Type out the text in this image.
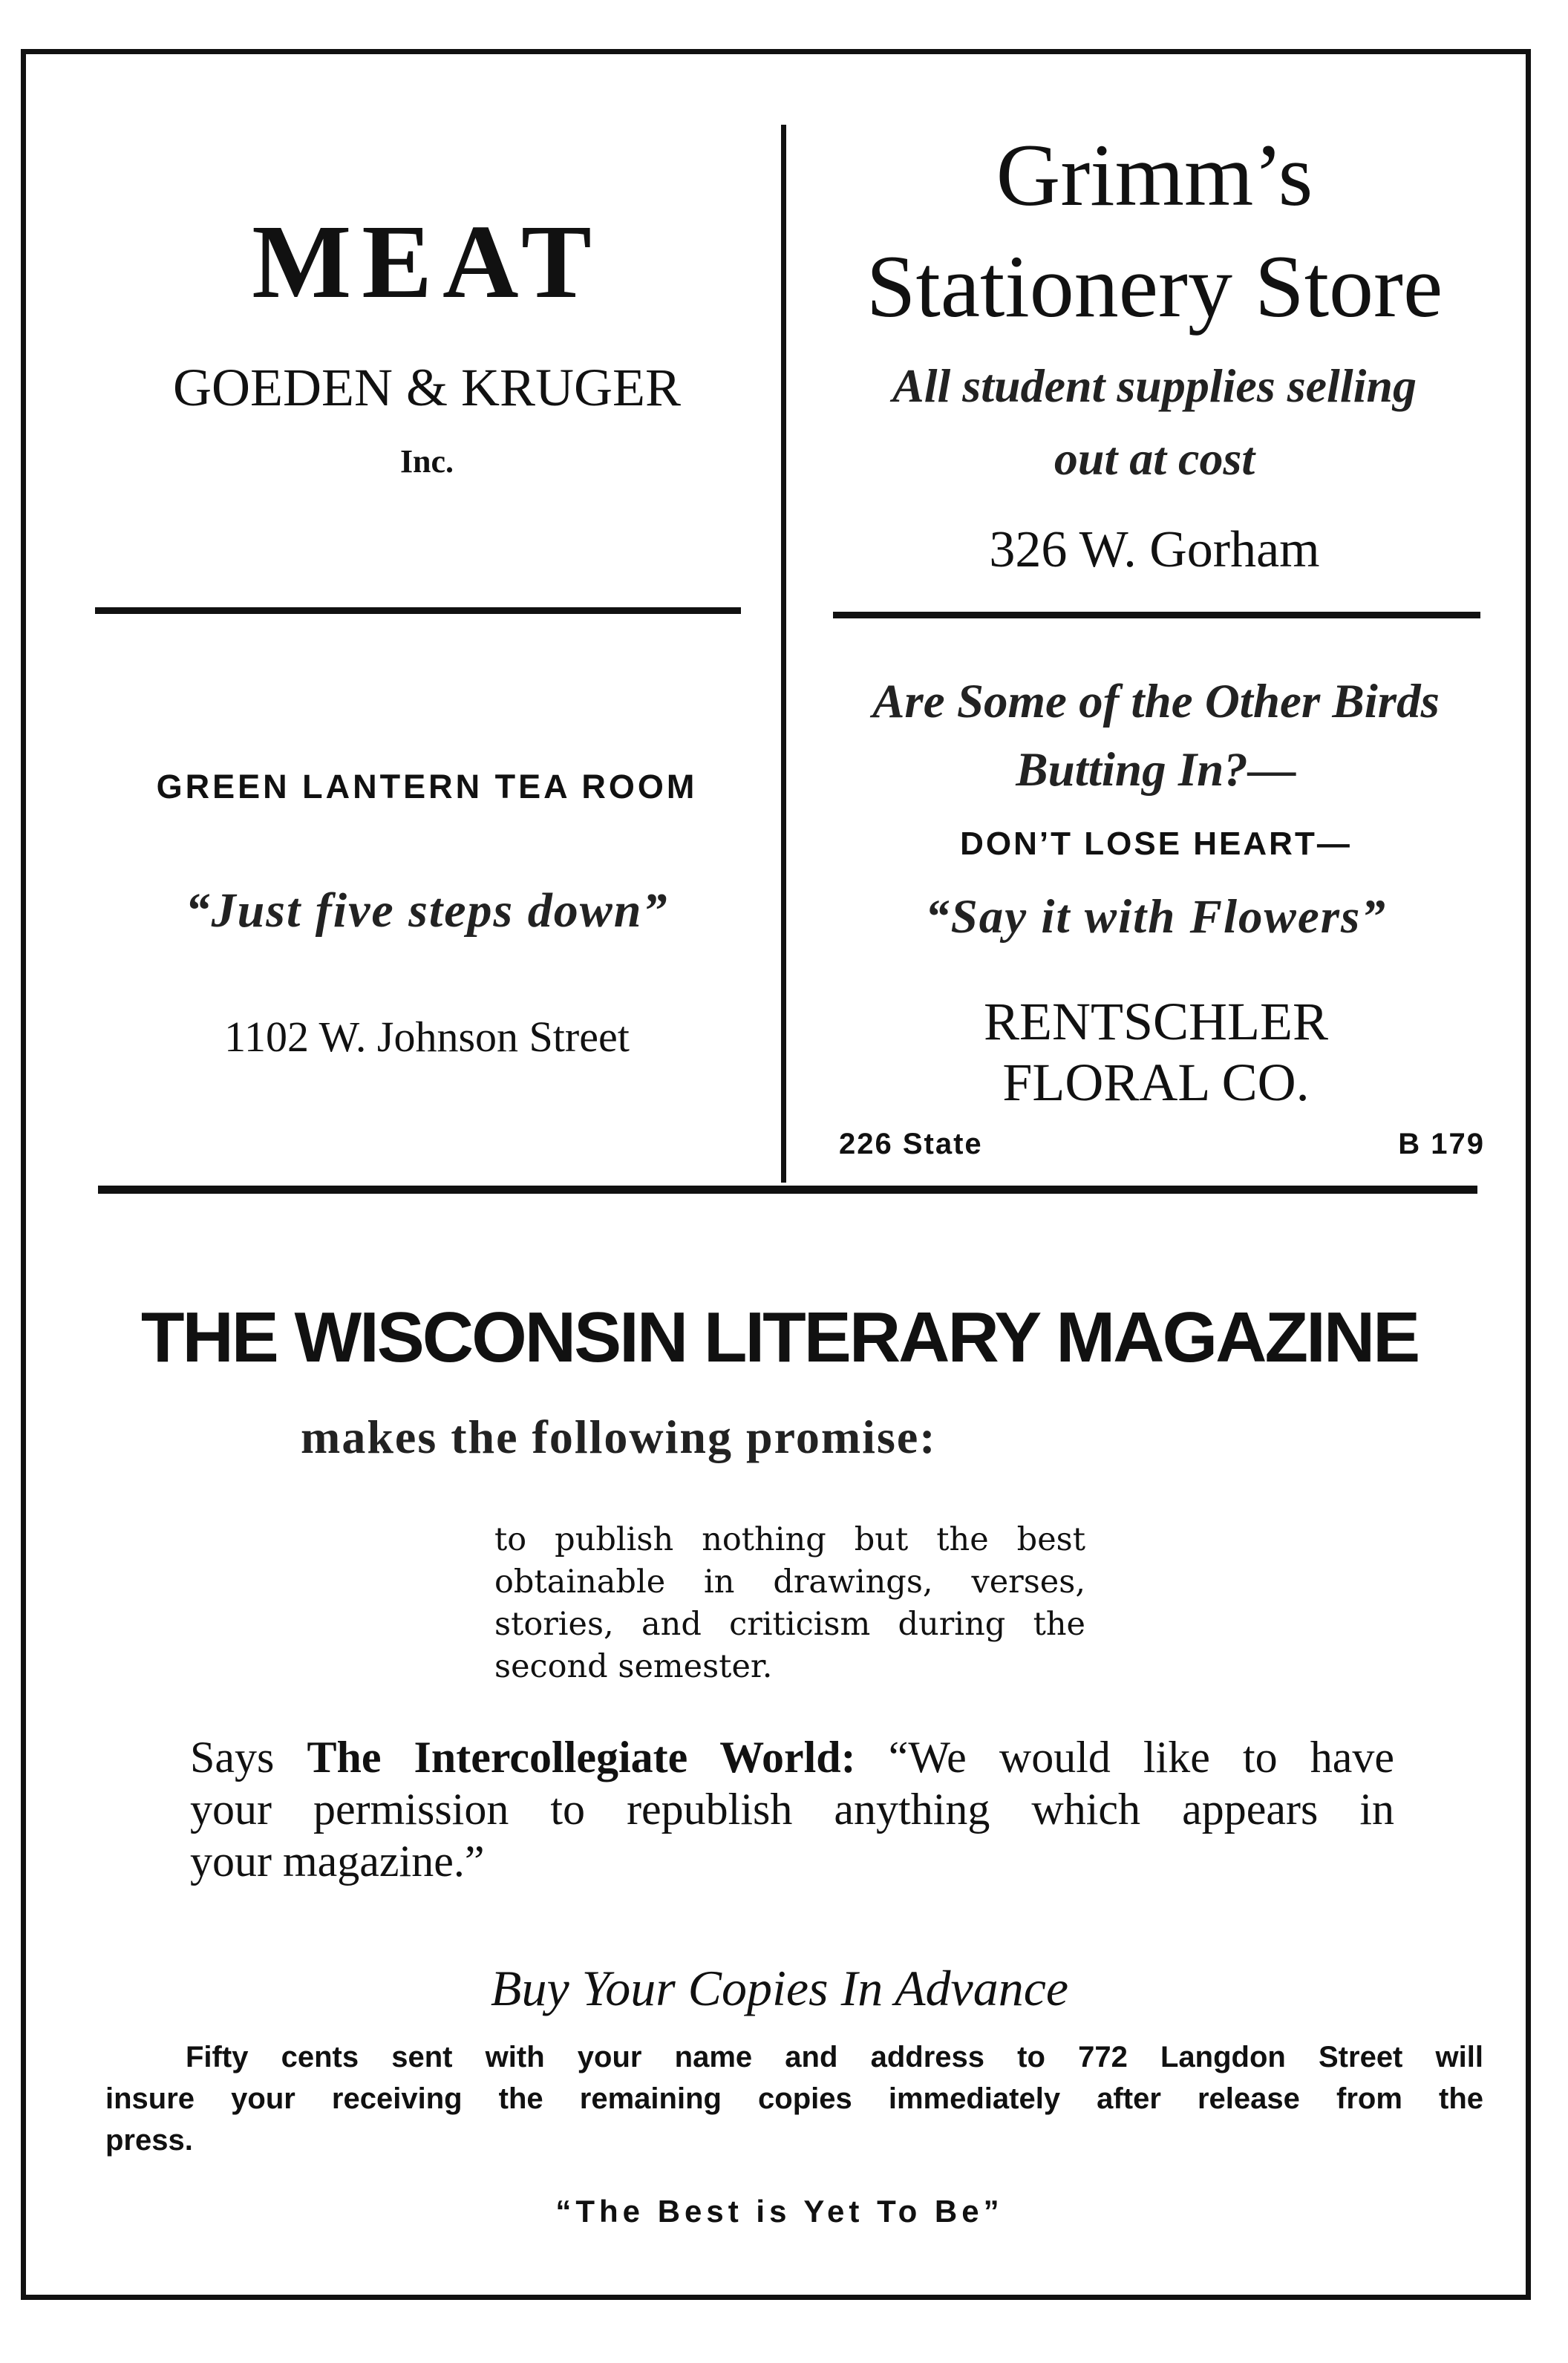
MEAT
GOEDEN & KRUGER
Inc.
Grimm’s
Stationery Store
All student supplies selling
out at cost
326 W. Gorham
GREEN LANTERN TEA ROOM
“Just five steps down”
1102 W. Johnson Street
Are Some of the Other Birds
Butting In?—
DON’T LOSE HEART—
“Say it with Flowers”
RENTSCHLER
FLORAL CO.
226 State	B 179
THE WISCONSIN LITERARY MAGAZINE
makes the following promise:
to publish nothing but the best
obtainable in drawings, verses,
stories, and criticism during the
second semester.
Says The Intercollegiate World: “We would like to have
your permission to republish anything which appears in
your magazine.”
Buy Your Copies In Advance
Fifty cents sent with your name and address to 772 Langdon Street will
insure your receiving the remaining copies immediately after release from the
press.
“The Best is Yet To Be”
